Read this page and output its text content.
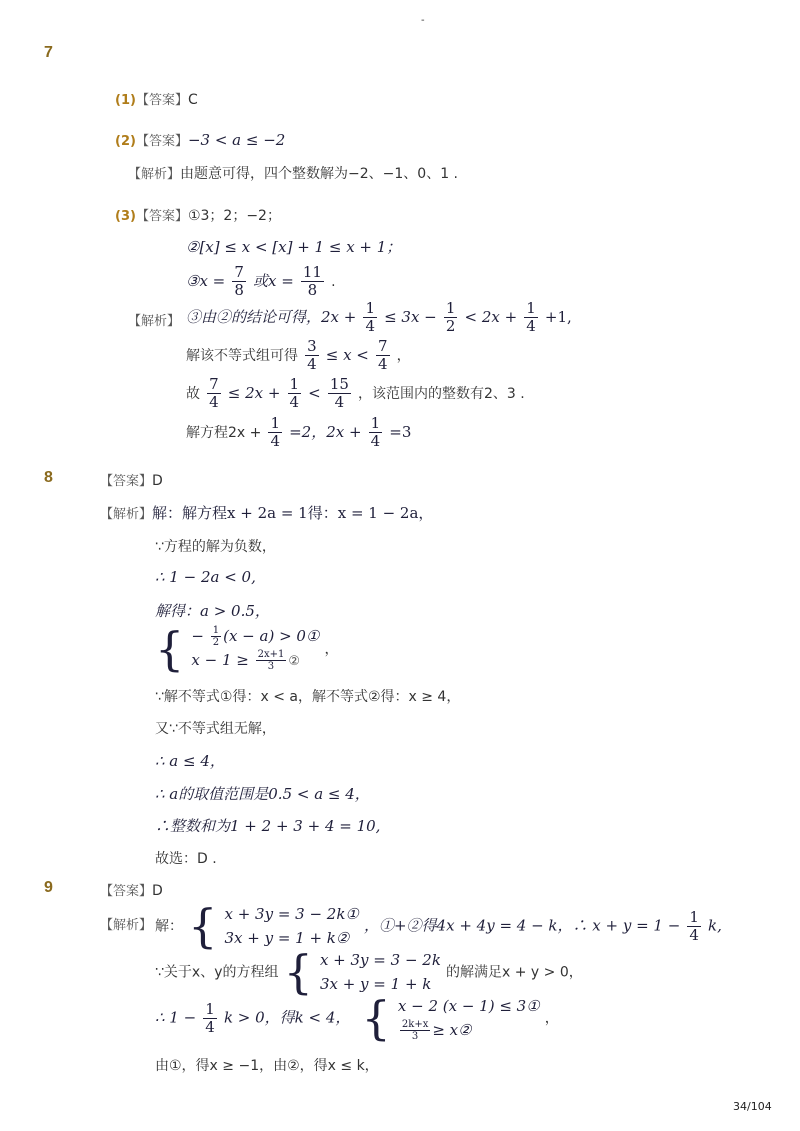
-
7
(1)【答案】C
(2)【答案】−3 < a ≤ −2
【解析】由题意可得，四个整数解为−2、−1、0、1 .
(3)【答案】①3；2；−2；
②[x] ≤ x < [x] + 1 ≤ x + 1；
③x = $\frac{7}{8}$ 或$x = \frac{11}{8}$ .
【解析】 ③由②的结论可得，$2x + \frac{1}{4} \le 3x - \frac{1}{2} < 2x + \frac{1}{4} +1$,
解该不等式组可得 $\frac{3}{4} \le x < \frac{7}{4}$ ，
故 $\frac{7}{4} \le 2x + \frac{1}{4} < \frac{15}{4}$ ，该范围内的整数有2、3 .
解方程$2x + \frac{1}{4} =2$，$2x + \frac{1}{4} =3$
8	【答案】D
【解析】解：解方程x + 2a = 1得：x = 1 − 2a，
∵方程的解为负数，
∴ 1 − 2a < 0,
解得：a > 0.5，
{ − $\frac{1}{2} (x - a)$ > 0①
$x - 1 \ge \frac{2x+1}{3}$ ②
，
∵解不等式①得：x < a，解不等式②得：x ≥ 4，
又∵不等式组无解，
∴ a ≤ 4，
∴ a的取值范围是0.5 < a ≤ 4，
∴整数和为1 + 2 + 3 + 4 = 10,
故选：D .
9	【答案】D
【解析】 解： { x + 3y = 3 − 2k①
3x + y = 1 + k②
，①+②得4x + 4y = 4 − k，∴ $x + y = 1 - \frac{1}{4} k$,
∵关于x、y的方程组 { x + 3y = 3 − 2k
3x + y = 1 + k
的解满足x + y > 0，
∴ $1 - \frac{1}{4}$ k > 0，得k < 4， { x − 2 (x − 1) ≤ 3①
$\frac{2k+x}{3}$ ≥ x②
，
由①，得x ≥ −1，由②，得x ≤ k，
34/104
